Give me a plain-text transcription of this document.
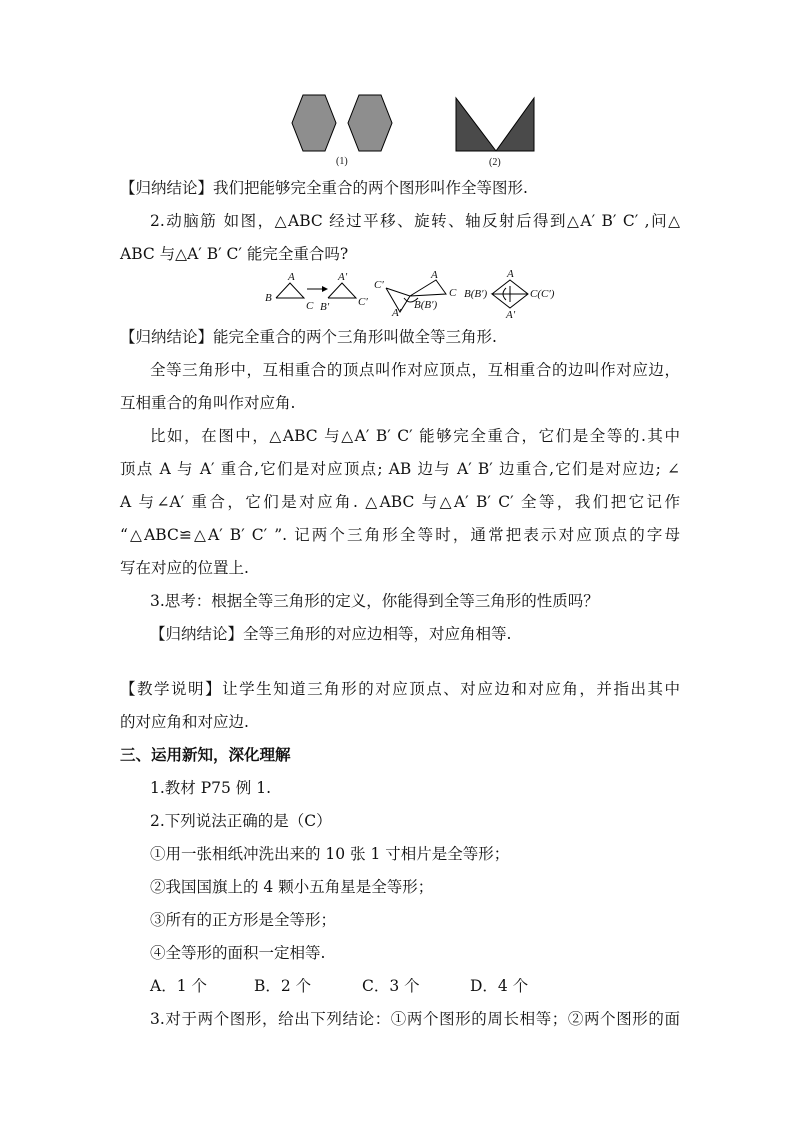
(1)	(2)
【归纳结论】我们把能够完全重合的两个图形叫作全等图形.
2.动脑筋 如图，△ABC 经过平移、旋转、轴反射后得到△A′ B′ C′ ,问△
ABC 与△A′ B′ C′ 能完全重合吗?
A
B
C
A′
B′	C′
C′
A′
B(B′)
A
C
A
B(B′)	C(C′)
A′
【归纳结论】能完全重合的两个三角形叫做全等三角形.
全等三角形中，互相重合的顶点叫作对应顶点，互相重合的边叫作对应边，
互相重合的角叫作对应角.
比如，在图中，△ABC 与△A′ B′ C′ 能够完全重合，它们是全等的.其中
顶点 A 与 A′ 重合,它们是对应顶点; AB 边与 A′ B′ 边重合,它们是对应边; ∠
A 与∠A′ 重合，它们是对应角. △ABC 与△A′ B′ C′ 全等，我们把它记作
“△ABC≌△A′ B′ C′ ”. 记两个三角形全等时，通常把表示对应顶点的字母
写在对应的位置上.
3.思考：根据全等三角形的定义，你能得到全等三角形的性质吗？
【归纳结论】全等三角形的对应边相等，对应角相等.
【教学说明】让学生知道三角形的对应顶点、对应边和对应角，并指出其中
的对应角和对应边.
三、运用新知，深化理解
1.教材 P75 例 1.
2.下列说法正确的是（C）
①用一张相纸冲洗出来的 10 张 1 寸相片是全等形；
②我国国旗上的 4 颗小五角星是全等形；
③所有的正方形是全等形；
④全等形的面积一定相等.
A．1 个	B．2 个	C．3 个	D．4 个
3.对于两个图形，给出下列结论：①两个图形的周长相等；②两个图形的面
